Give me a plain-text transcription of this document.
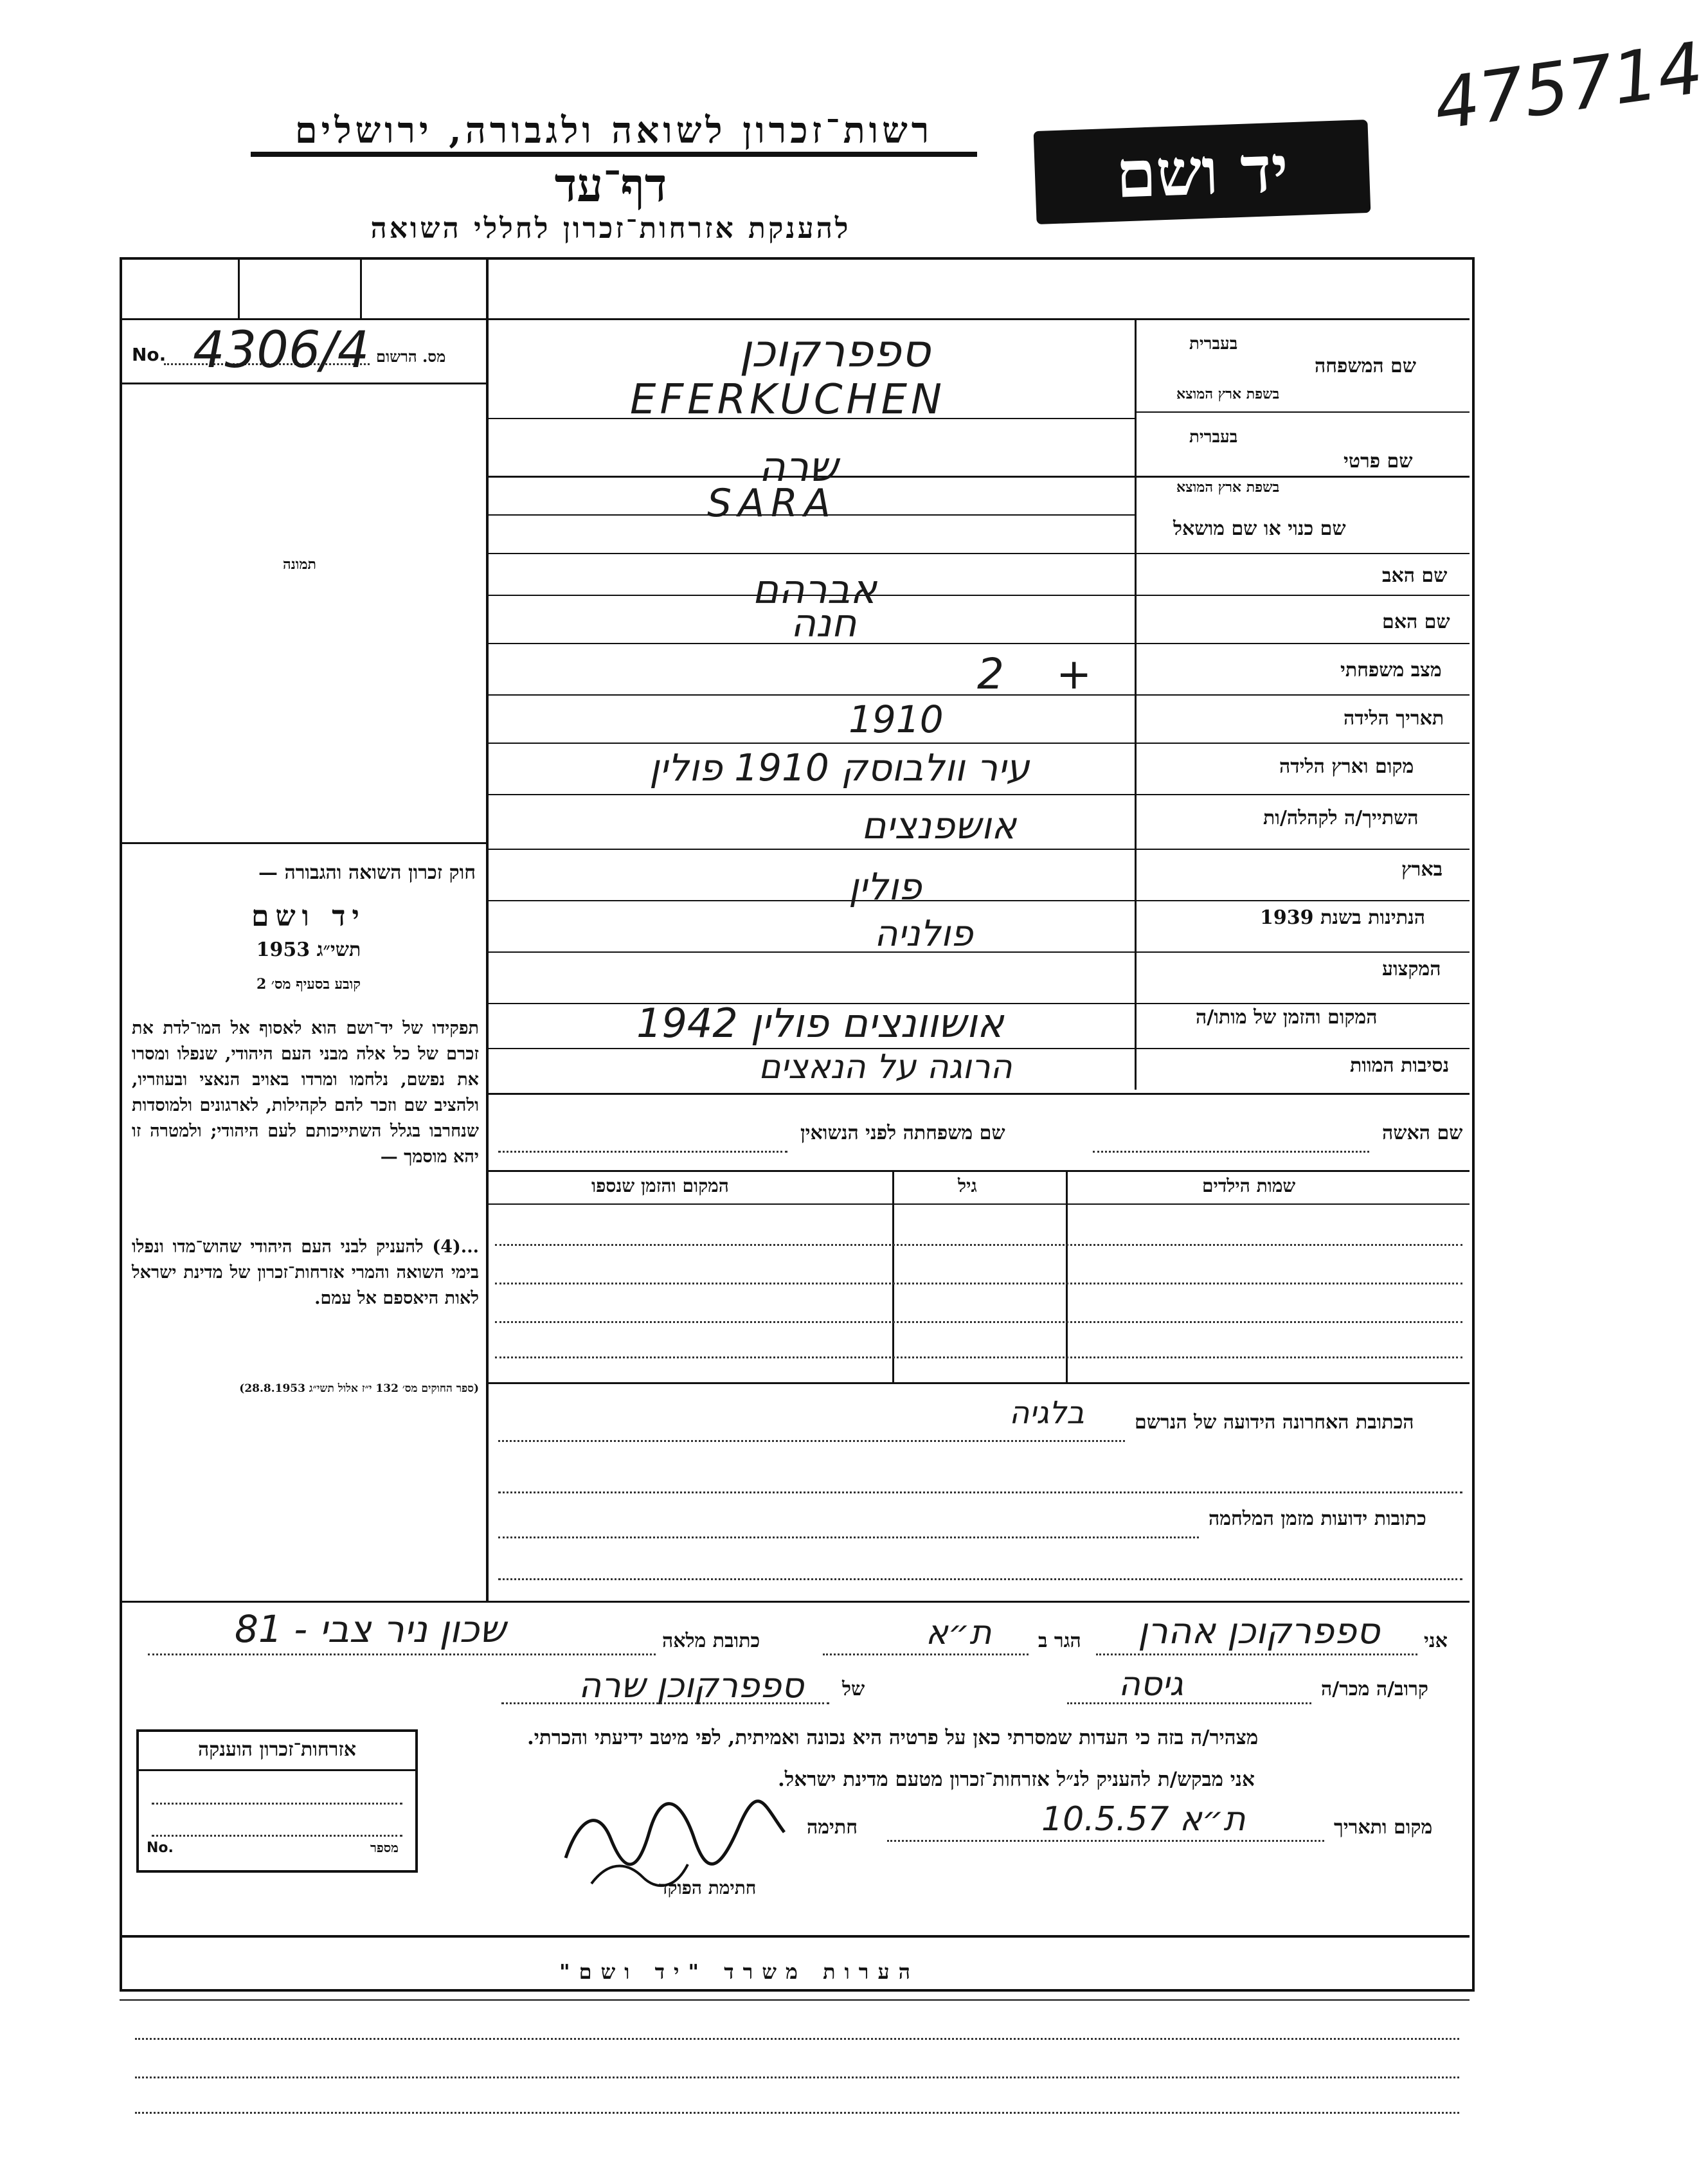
475714
רשות־זכרון לשואה ולגבורה, ירושלים
דף־עד
להענקת אזרחות־זכרון לחללי השואה
יד ושם
No. 4306/4 מס. הרשום
תמונה
חוק זכרון השואה והגבורה —
יד ושם
תשי״ג 1953
קובע בסעיף מס׳ 2
תפקידו של יד־ושם הוא לאסוף אל המו־לדת את זכרם של כל אלה מבני העם היהודי, שנפלו ומסרו את נפשם, נלחמו ומרדו באויב הנאצי ובעוזריו, ולהציב שם וזכר להם לקהילות, לארגונים ולמוסדות שנחרבו בגלל השתייכותם לעם היהודי; ולמטרה זו יהא מוסמך —
...(4) להעניק לבני העם היהודי שהוש־מדו ונפלו בימי השואה והמרי אזרחות־זכרון של מדינת ישראל לאות היאספם אל עמם.
(ספר החוקים מס׳ 132 י״ז אלול תשי״ג 28.8.1953)
בעברית
שם המשפחה
בשפת ארץ המוצא
ספפרקוכן
EFERKUCHEN
בעברית
שם פרטי
בשפת ארץ המוצא
שרה
SARA
שם כנוי או שם מושאל
שם האב
אברהם
שם האם
חנה
מצב משפחתי
2 +
תאריך הלידה
1910
מקום וארץ הלידה
עיר וולבוסק 1910 פולין
השתייך/ה לקהלה/ות
אושפנצים
בארץ
פולין
הנתינות בשנת 1939
פולניה
המקצוע
המקום והזמן של מותו/ה
אושוונצים פולין 1942
נסיבות המוות
הרוגה על הנאצים
שם האשה
שם משפחתה לפני הנשואין
שמות הילדים
גיל
המקום והזמן שנספו
הכתובת האחרונה הידועה של הנרשם
בלגיה
כתובות ידועות מזמן המלחמה
אני
ספפרקוכן אהרן
הגר ב
ת״א
כתובת מלאה
שכון ניר צבי - 81
קרוב/ה מכר/ה
גיסה
של
ספפרקוכן שרה
מצהיר/ה בזה כי העדות שמסרתי כאן על פרטיה היא נכונה ואמיתית, לפי מיטב ידיעתי והכרתי.
אני מבקש/ת להעניק לנ״ל אזרחות־זכרון מטעם מדינת ישראל.
מקום ותאריך
10.5.57 ת״א
חתימה
חתימת הפוקד
אזרחות־זכרון הוענקה
No.	מספר
הערות משרד "יד ושם"
